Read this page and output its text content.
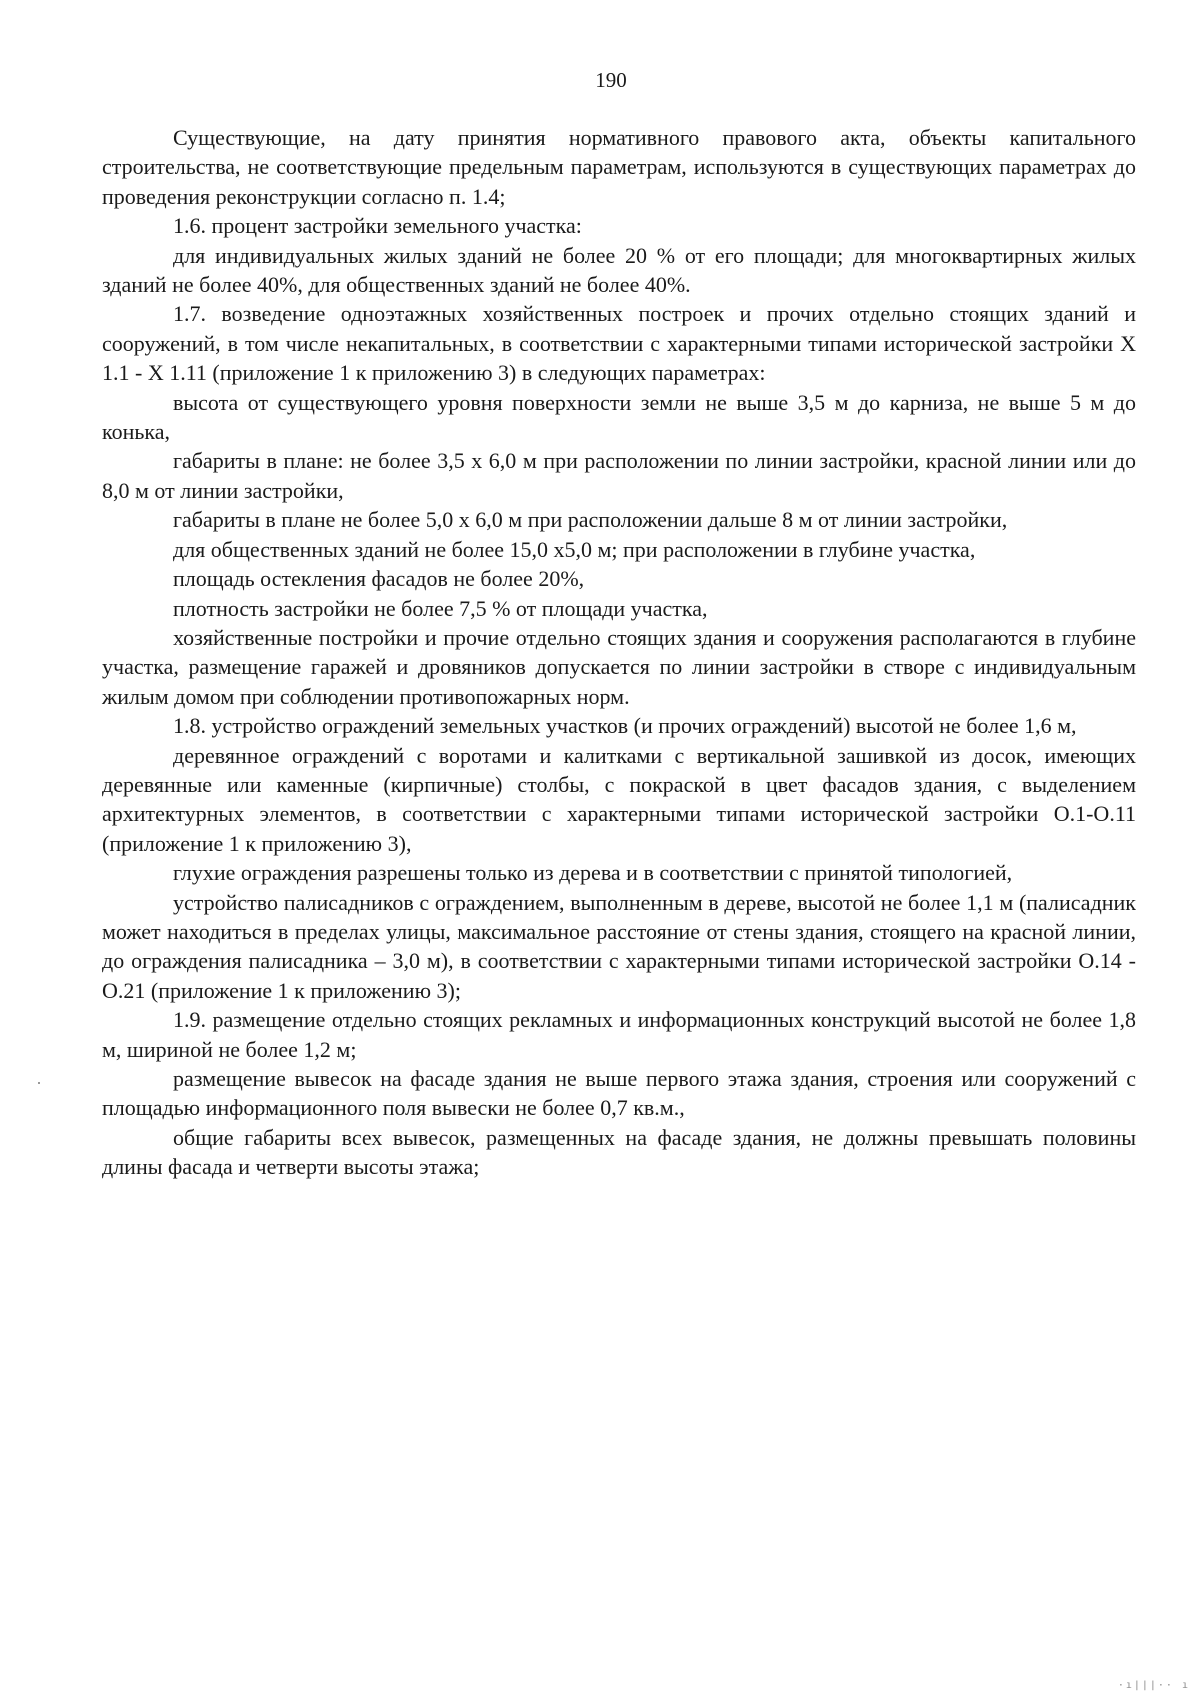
190

Существующие, на дату принятия нормативного правового акта, объекты капитального строительства, не соответствующие предельным параметрам, используются в существующих параметрах до проведения реконструкции согласно п. 1.4;

1.6. процент застройки земельного участка:

для индивидуальных жилых зданий не более 20 % от его площади; для многоквартирных жилых зданий не более 40%, для общественных зданий не более 40%.

1.7. возведение одноэтажных хозяйственных построек и прочих отдельно стоящих зданий и сооружений, в том числе некапитальных, в соответствии с характерными типами исторической застройки Х 1.1 - Х 1.11 (приложение 1 к приложению 3) в следующих параметрах:

высота от существующего уровня поверхности земли не выше 3,5 м до карниза, не выше 5 м до конька,

габариты в плане: не более 3,5 х 6,0 м при расположении по линии застройки, красной линии или до 8,0 м от линии застройки,

габариты в плане не более 5,0 х 6,0 м при расположении дальше 8 м от линии застройки,

для общественных зданий не более 15,0 х5,0 м; при расположении в глубине участка,

площадь остекления фасадов не более 20%,

плотность застройки не более 7,5 % от площади участка,

хозяйственные постройки и прочие отдельно стоящих здания и сооружения располагаются в глубине участка, размещение гаражей и дровяников допускается по линии застройки в створе с индивидуальным жилым домом при соблюдении противопожарных норм.

1.8. устройство ограждений земельных участков (и прочих ограждений) высотой не более 1,6 м,

деревянное ограждений с воротами и калитками с вертикальной зашивкой из досок, имеющих деревянные или каменные (кирпичные) столбы, с покраской в цвет фасадов здания, с выделением архитектурных элементов, в соответствии с характерными типами исторической застройки О.1-О.11 (приложение 1 к приложению 3),

глухие ограждения разрешены только из дерева и в соответствии с принятой типологией,

устройство палисадников с ограждением, выполненным в дереве, высотой не более 1,1 м (палисадник может находиться в пределах улицы, максимальное расстояние от стены здания, стоящего на красной линии, до ограждения палисадника – 3,0 м), в соответствии с характерными типами исторической застройки О.14 - О.21 (приложение 1 к приложению 3);

1.9. размещение отдельно стоящих рекламных и информационных конструкций высотой не более 1,8 м, шириной не более 1,2 м;

размещение вывесок на фасаде здания не выше первого этажа здания, строения или сооружений с площадью информационного поля вывески не более 0,7 кв.м.,

общие габариты всех вывесок, размещенных на фасаде здания, не должны превышать половины длины фасада и четверти высоты этажа;

·ı|||·· ı
